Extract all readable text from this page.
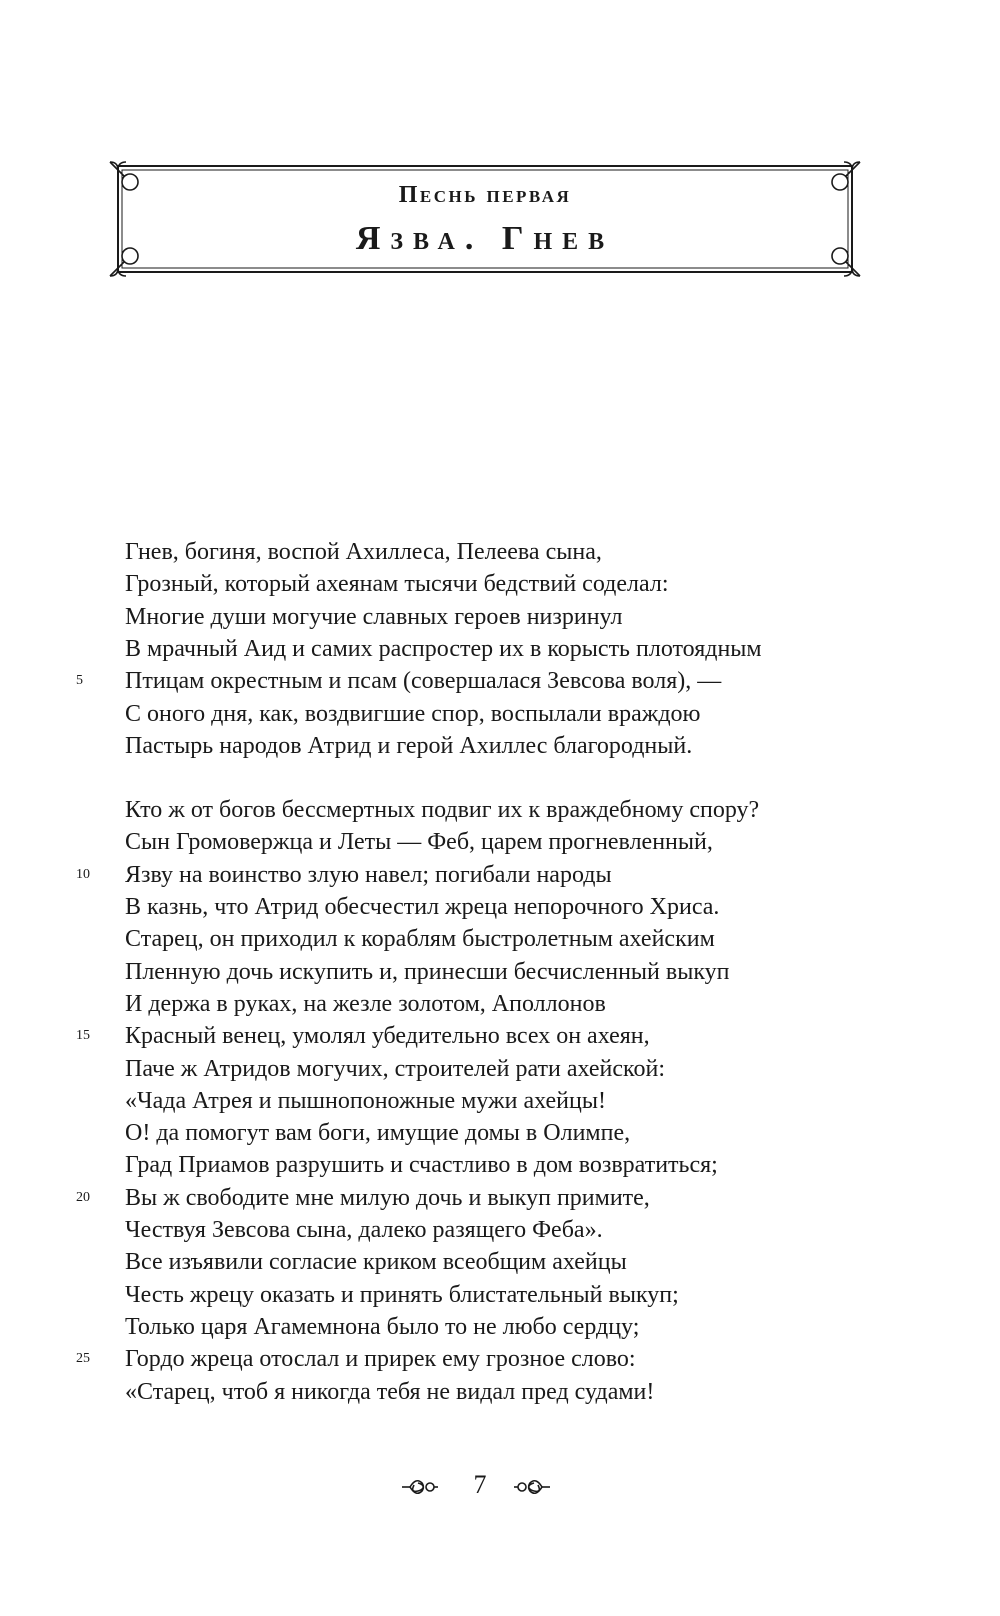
Песнь первая
Язва. Гнев
Гнев, богиня, воспой Ахиллеса, Пелеева сына,
Грозный, который ахеянам тысячи бедствий соделал:
Многие души могучие славных героев низринул
В мрачный Аид и самих распростер их в корысть плотоядным
Птицам окрестным и псам (совершалася Зевсова воля), —
С оного дня, как, воздвигшие спор, воспылали враждою
Пастырь народов Атрид и герой Ахиллес благородный.
Кто ж от богов бессмертных подвиг их к враждебному спору?
Сын Громовержца и Леты — Феб, царем прогневленный,
Язву на воинство злую навел; погибали народы
В казнь, что Атрид обесчестил жреца непорочного Хриса.
Старец, он приходил к кораблям быстролетным ахейским
Пленную дочь искупить и, принесши бесчисленный выкуп
И держа в руках, на жезле золотом, Аполлонов
Красный венец, умолял убедительно всех он ахеян,
Паче ж Атридов могучих, строителей рати ахейской:
«Чада Атрея и пышнопоножные мужи ахейцы!
О! да помогут вам боги, имущие домы в Олимпе,
Град Приамов разрушить и счастливо в дом возвратиться;
Вы ж свободите мне милую дочь и выкуп примите,
Чествуя Зевсова сына, далеко разящего Феба».
Все изъявили согласие криком всеобщим ахейцы
Честь жрецу оказать и принять блистательный выкуп;
Только царя Агамемнона было то не любо сердцу;
Гордо жреца отослал и прирек ему грозное слово:
«Старец, чтоб я никогда тебя не видал пред судами!
5
10
15
20
25
7
